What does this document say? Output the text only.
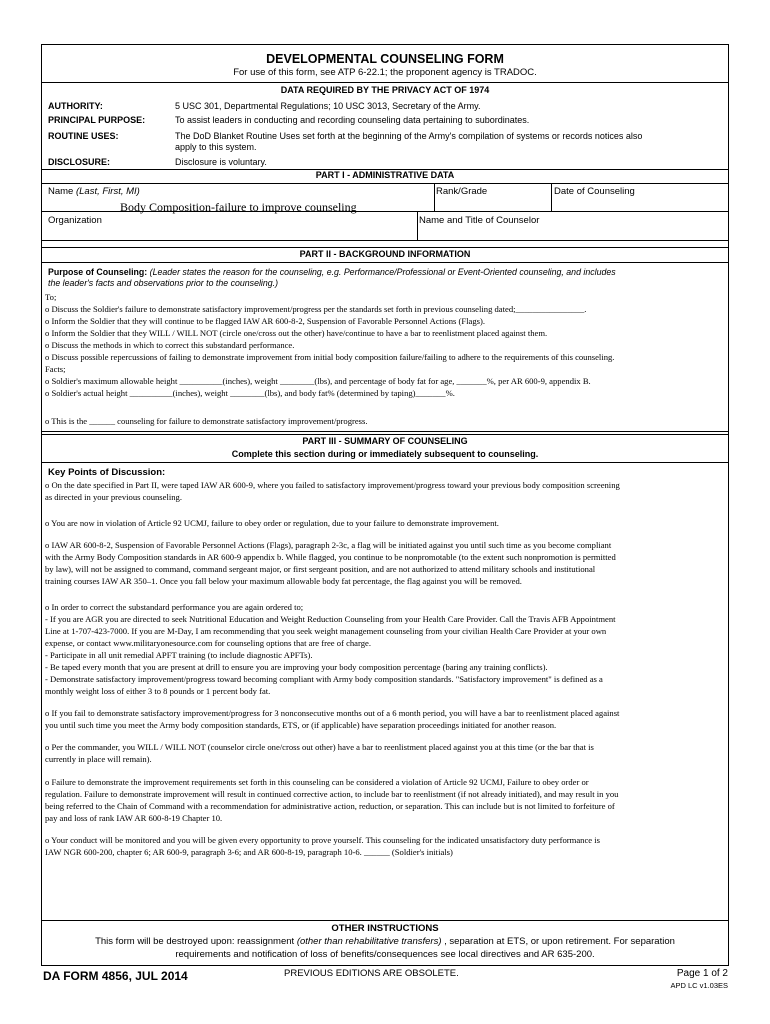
DEVELOPMENTAL COUNSELING FORM
For use of this form, see ATP 6-22.1; the proponent agency is TRADOC.
DATA REQUIRED BY THE PRIVACY ACT OF 1974
AUTHORITY:	5 USC 301, Departmental Regulations; 10 USC 3013, Secretary of the Army.
PRINCIPAL PURPOSE:	To assist leaders in conducting and recording counseling data pertaining to subordinates.
ROUTINE USES:	The DoD Blanket Routine Uses set forth at the beginning of the Army's compilation of systems or records notices also
apply to this system.
DISCLOSURE:	Disclosure is voluntary.
PART I - ADMINISTRATIVE DATA
Name (Last, First, MI)	Rank/Grade	Date of Counseling
Body Composition-failure to improve counseling
Organization	Name and Title of Counselor
PART II - BACKGROUND INFORMATION
Purpose of Counseling: (Leader states the reason for the counseling, e.g. Performance/Professional or Event-Oriented counseling, and includes
the leader's facts and observations prior to the counseling.)

To;

o Discuss the Soldier's failure to demonstrate satisfactory improvement/progress per the standards set forth in previous counseling dated;________________.

o Inform the Soldier that they will continue to be flagged IAW AR 600-8-2, Suspension of Favorable Personnel Actions (Flags).

o Inform the Soldier that they WILL / WILL NOT (circle one/cross out the other) have/continue to have a bar to reenlistment placed against them.

o Discuss the methods in which to correct this substandard performance.

o Discuss possible repercussions of failing to demonstrate improvement from initial body composition failure/failing to adhere to the requirements of this counseling.

Facts;

o Soldier's maximum allowable height __________(inches), weight ________(lbs), and percentage of body fat for age, _______%, per AR 600-9, appendix B.

o Soldier's actual height __________(inches), weight ________(lbs), and body fat% (determined by taping)_______%.

o This is the ______ counseling for failure to demonstrate satisfactory improvement/progress.
PART III - SUMMARY OF COUNSELING
Complete this section during or immediately subsequent to counseling.
Key Points of Discussion:

o On the date specified in Part II, were taped IAW AR 600-9, where you failed to satisfactory improvement/progress toward your previous body composition screening

as directed in your previous counseling.

o You are now in violation of Article 92 UCMJ, failure to obey order or regulation, due to your failure to demonstrate improvement.

o IAW AR 600-8-2, Suspension of Favorable Personnel Actions (Flags), paragraph 2-3c, a flag will be initiated against you until such time as you become compliant

with the Army Body Composition standards in AR 600-9 appendix b. While flagged, you continue to be nonpromotable (to the extent such nonpromotion is permitted

by law), will not be assigned to command, command sergeant major, or first sergeant position, and are not authorized to attend military schools and institutional

training courses IAW AR 350–1. Once you fall below your maximum allowable body fat percentage, the flag against you will be removed.

o In order to correct the substandard performance you are again ordered to;

- If you are AGR you are directed to seek Nutritional Education and Weight Reduction Counseling from your Health Care Provider. Call the Travis AFB Appointment

Line at 1-707-423-7000. If you are M-Day, I am recommending that you seek weight management counseling from your civilian Health Care Provider at your own

expense, or contact www.militaryonesource.com for counseling options that are free of charge.

- Participate in all unit remedial APFT training (to include diagnostic APFTs).

- Be taped every month that you are present at drill to ensure you are improving your body composition percentage (baring any training conflicts).

- Demonstrate satisfactory improvement/progress toward becoming compliant with Army body composition standards. "Satisfactory improvement" is defined as a

monthly weight loss of either 3 to 8 pounds or 1 percent body fat.

o If you fail to demonstrate satisfactory improvement/progress for 3 nonconsecutive months out of a 6 month period, you will have a bar to reenlistment placed against

you until such time you meet the Army body composition standards, ETS, or (if applicable) have separation proceedings initiated for another reason.

o Per the commander, you WILL / WILL NOT (counselor circle one/cross out other) have a bar to reenlistment placed against you at this time (or the bar that is

currently in place will remain).

o Failure to demonstrate the improvement requirements set forth in this counseling can be considered a violation of Article 92 UCMJ, Failure to obey order or

regulation. Failure to demonstrate improvement will result in continued corrective action, to include bar to reenlistment (if not already initiated), and may result in you

being referred to the Chain of Command with a recommendation for administrative action, reduction, or separation. This can include but is not limited to forfeiture of

pay and loss of rank IAW AR 600-8-19 Chapter 10.

o Your conduct will be monitored and you will be given every opportunity to prove yourself. This counseling for the indicated unsatisfactory duty performance is

IAW NGR 600-200, chapter 6; AR 600-9, paragraph 3-6; and AR 600-8-19, paragraph 10-6. ______ (Soldier's initials)

OTHER INSTRUCTIONS
This form will be destroyed upon: reassignment (other than rehabilitative transfers) , separation at ETS, or upon retirement. For separation
requirements and notification of loss of benefits/consequences see local directives and AR 635-200.
DA FORM 4856, JUL 2014	PREVIOUS EDITIONS ARE OBSOLETE.	Page 1 of 2
APD LC v1.03ES
